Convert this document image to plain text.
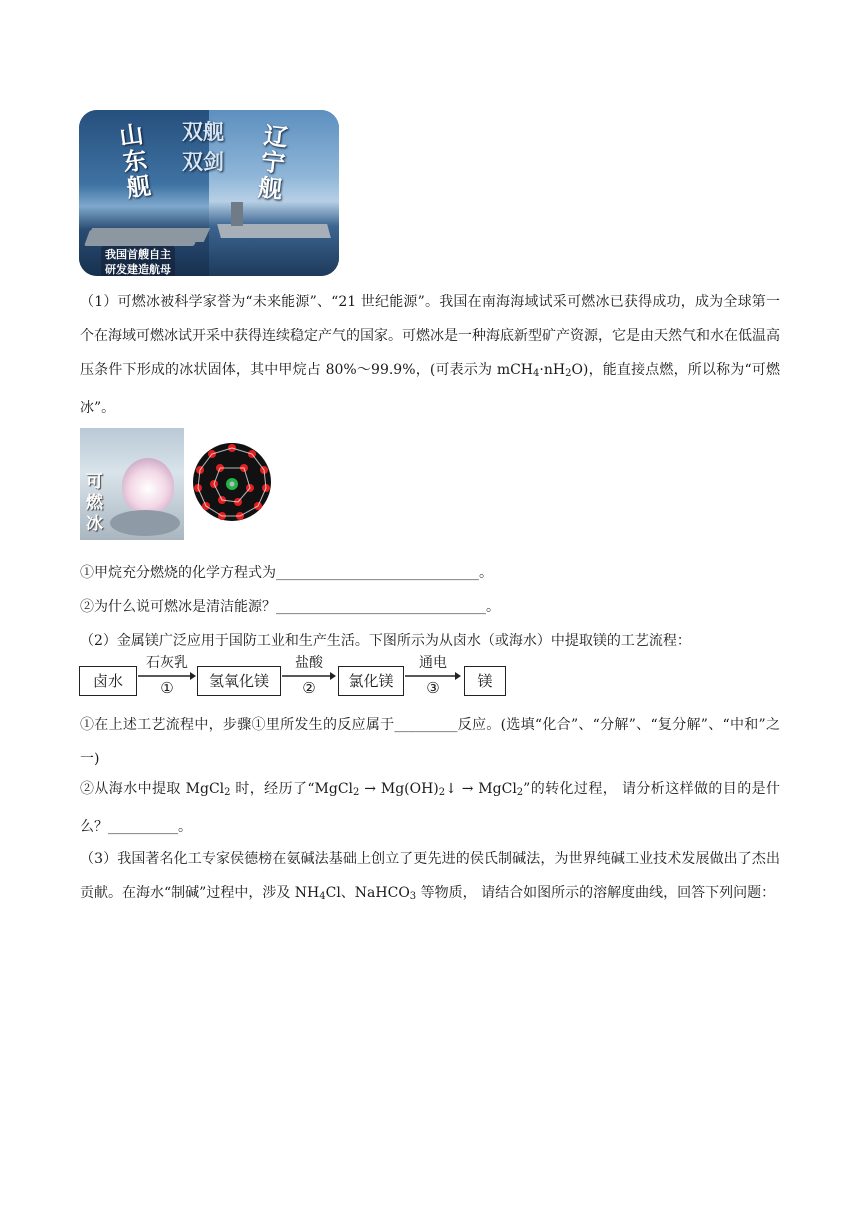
山东舰
双舰
双剑
辽宁舰
我国首艘自主
研发建造航母

（1）可燃冰被科学家誉为“未来能源”、“21 世纪能源”。我国在南海海域试采可燃冰已获得成功，成为全球第一个在海域可燃冰试开采中获得连续稳定产气的国家。可燃冰是一种海底新型矿产资源，它是由天然气和水在低温高压条件下形成的冰状固体，其中甲烷占 80%～99.9%，(可表示为 $mCH_4\cdot nH_2O$)，能直接点燃，所以称为“可燃冰”。

可燃冰

①甲烷充分燃烧的化学方程式为_____________________________。

②为什么说可燃冰是清洁能源？______________________________。

（2）金属镁广泛应用于国防工业和生产生活。下图所示为从卤水（或海水）中提取镁的工艺流程：

卤水
石灰乳
①	氢氧化镁
盐酸
②	氯化镁
通电
③	镁

①在上述工艺流程中，步骤①里所发生的反应属于_________反应。(选填“化合”、“分解”、“复分解”、“中和”之一)

②从海水中提取 MgCl$_2$ 时，经历了“MgCl$_2$ → $Mg(OH)_2↓$ → MgCl$_2$”的转化过程， 请分析这样做的目的是什么？__________。

（3）我国著名化工专家侯德榜在氨碱法基础上创立了更先进的侯氏制碱法，为世界纯碱工业技术发展做出了杰出贡献。在海水“制碱”过程中，涉及 $NH_4Cl$、NaHCO$_3$ 等物质， 请结合如图所示的溶解度曲线，回答下列问题：
